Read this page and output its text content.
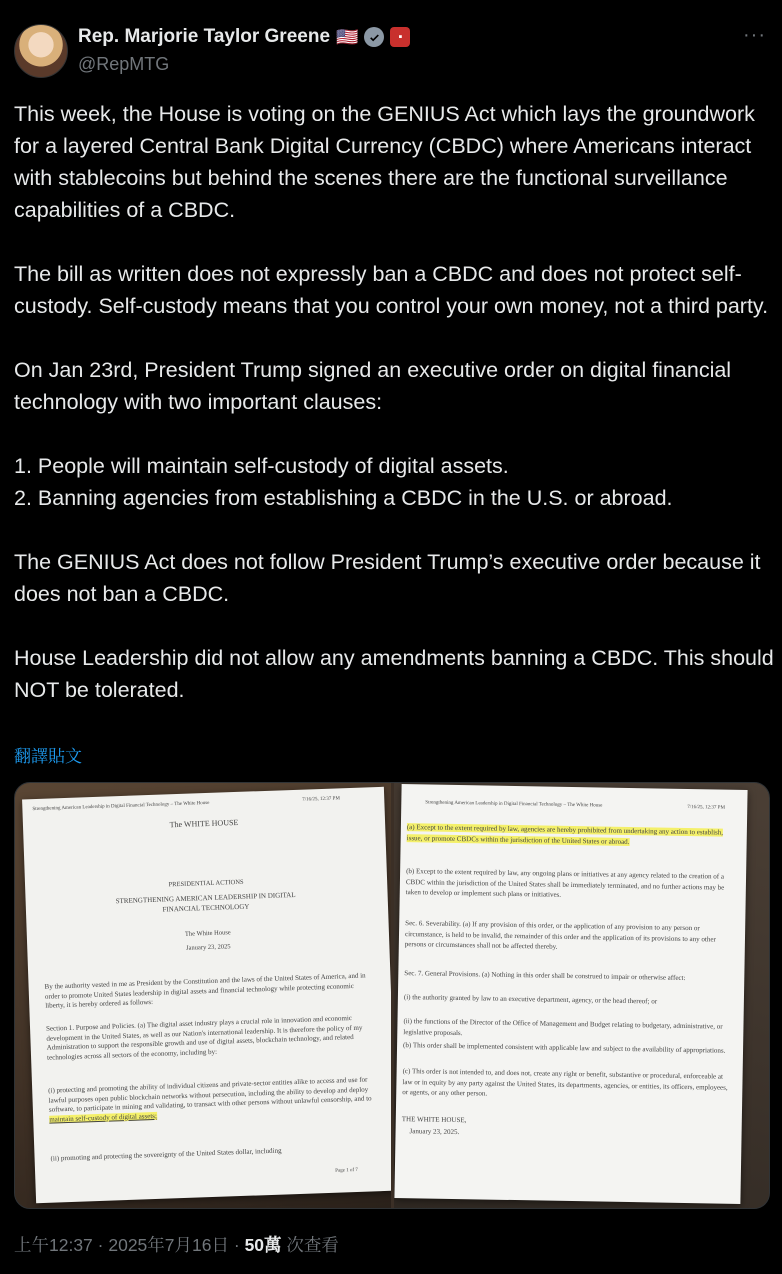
Rep. Marjorie Taylor Greene 🇺🇸	▪
@RepMTG
···

This week, the House is voting on the GENIUS Act which lays the groundwork for a layered Central Bank Digital Currency (CBDC) where Americans interact with stablecoins but behind the scenes there are the functional surveillance capabilities of a CBDC.

The bill as written does not expressly ban a CBDC and does not protect self-custody. Self-custody means that you control your own money, not a third party.

On Jan 23rd, President Trump signed an executive order on digital financial technology with two important clauses:

1. People will maintain self-custody of digital assets.
2. Banning agencies from establishing a CBDC in the U.S. or abroad.

The GENIUS Act does not follow President Trump’s executive order because it does not ban a CBDC.

House Leadership did not allow any amendments banning a CBDC. This should NOT be tolerated.

翻譯貼文
Strengthening American Leadership in Digital Financial Technology – The White House
7/16/25, 12:37 PM
The WHITE HOUSE
PRESIDENTIAL ACTIONS
STRENGTHENING AMERICAN LEADERSHIP IN DIGITAL FINANCIAL TECHNOLOGY
The White House
January 23, 2025
By the authority vested in me as President by the Constitution and the laws of the United States of America, and in order to promote United States leadership in digital assets and financial technology while protecting economic liberty, it is hereby ordered as follows:
Section 1. Purpose and Policies. (a) The digital asset industry plays a crucial role in innovation and economic development in the United States, as well as our Nation's international leadership. It is therefore the policy of my Administration to support the responsible growth and use of digital assets, blockchain technology, and related technologies across all sectors of the economy, including by:
(i) protecting and promoting the ability of individual citizens and private-sector entities alike to access and use for lawful purposes open public blockchain networks without persecution, including the ability to develop and deploy software, to participate in mining and validating, to transact with other persons without unlawful censorship, and to maintain self-custody of digital assets;
(ii) promoting and protecting the sovereignty of the United States dollar, including
Page 1 of 7
Strengthening American Leadership in Digital Financial Technology – The White House	7/16/25, 12:37 PM
(a) Except to the extent required by law, agencies are hereby prohibited from undertaking any action to establish, issue, or promote CBDCs within the jurisdiction of the United States or abroad.
(b) Except to the extent required by law, any ongoing plans or initiatives at any agency related to the creation of a CBDC within the jurisdiction of the United States shall be immediately terminated, and no further actions may be taken to develop or implement such plans or initiatives.
Sec. 6. Severability. (a) If any provision of this order, or the application of any provision to any person or circumstance, is held to be invalid, the remainder of this order and the application of its provisions to any other persons or circumstances shall not be affected thereby.
Sec. 7. General Provisions. (a) Nothing in this order shall be construed to impair or otherwise affect:
(i) the authority granted by law to an executive department, agency, or the head thereof; or
(ii) the functions of the Director of the Office of Management and Budget relating to budgetary, administrative, or legislative proposals.
(b) This order shall be implemented consistent with applicable law and subject to the availability of appropriations.
(c) This order is not intended to, and does not, create any right or benefit, substantive or procedural, enforceable at law or in equity by any party against the United States, its departments, agencies, or entities, its officers, employees, or agents, or any other person.
THE WHITE HOUSE,
January 23, 2025.
上午12:37 · 2025年7月16日 · 50萬 次查看
